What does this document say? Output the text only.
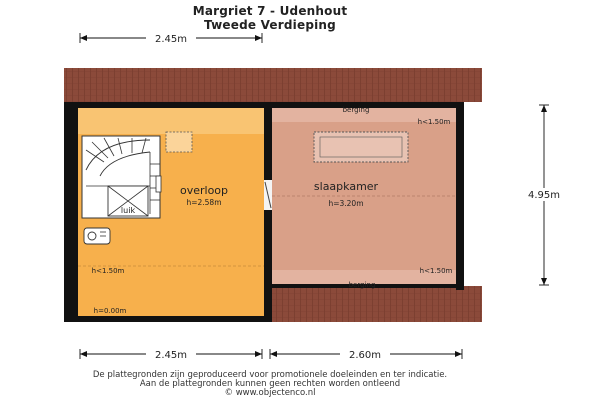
Margriet 7 - Udenhout
Tweede Verdieping
luik
overloop
h=2.58m
slaapkamer
h=3.20m
berging
berging
h<1.50m
h<1.50m
h=0.00m
h<1.50m
2.45m
4.95m
2.45m	2.60m
De plattegronden zijn geproduceerd voor promotionele doeleinden en ter indicatie.
Aan de plattegronden kunnen geen rechten worden ontleend
© www.objectenco.nl
